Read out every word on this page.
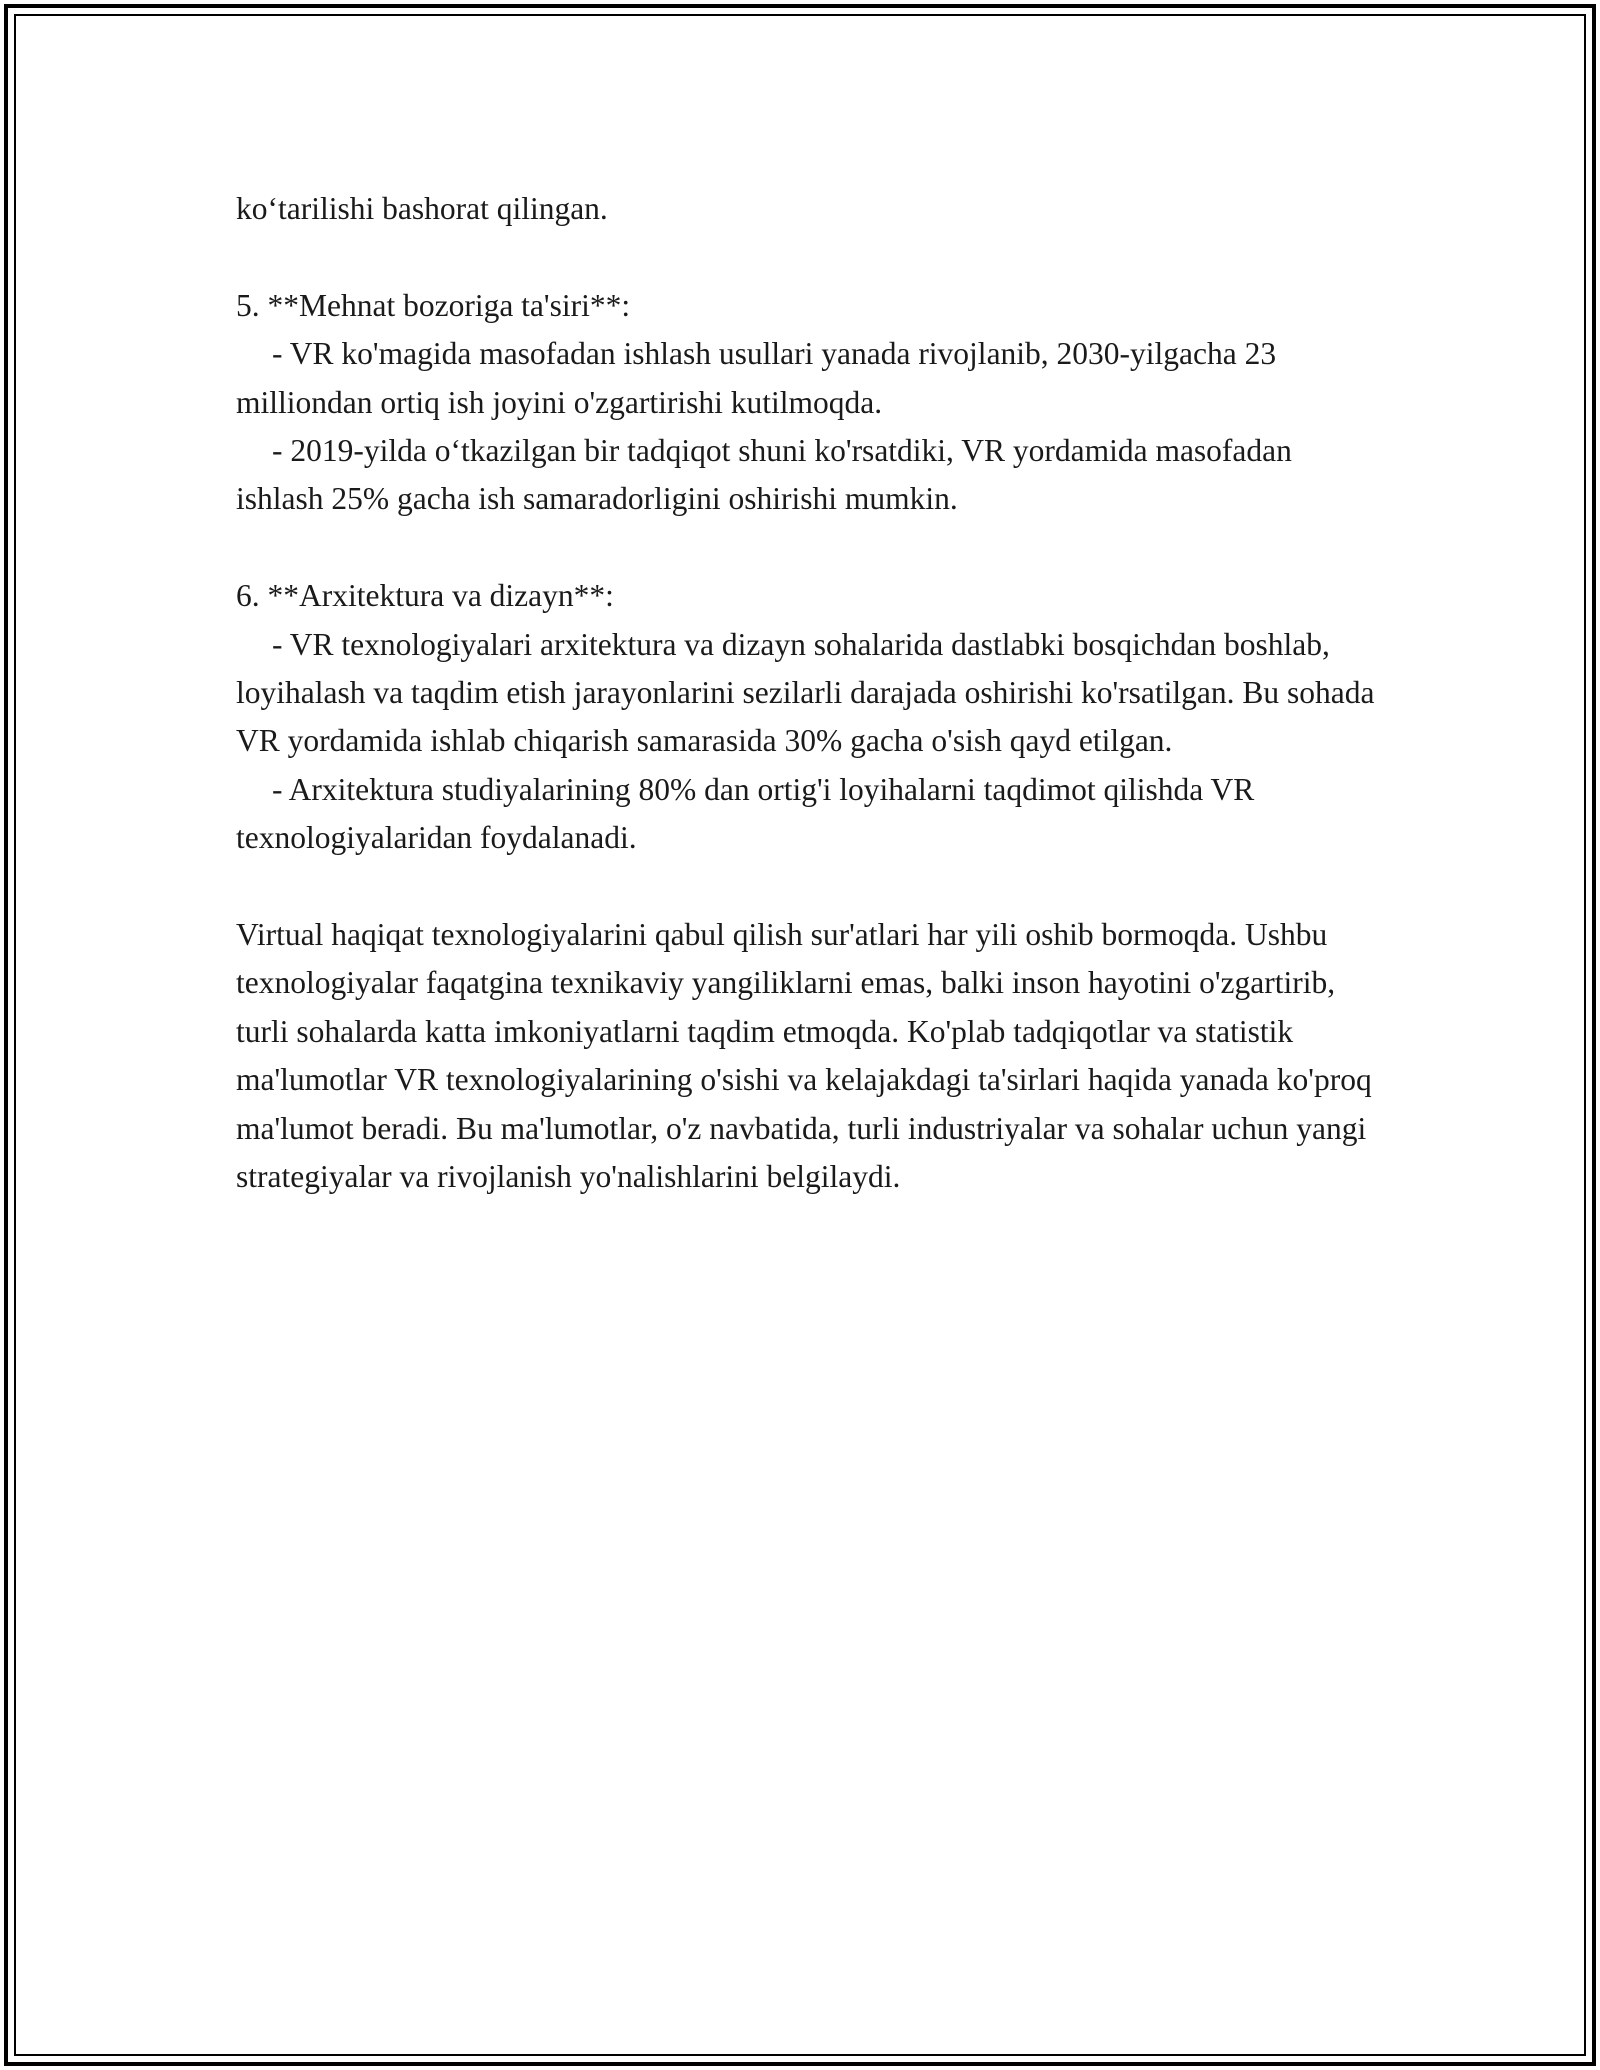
ko‘tarilishi bashorat qilingan.

5. **Mehnat bozoriga ta'siri**:

- VR ko'magida masofadan ishlash usullari yanada rivojlanib, 2030-yilgacha 23 milliondan ortiq ish joyini o'zgartirishi kutilmoqda.

- 2019-yilda o‘tkazilgan bir tadqiqot shuni ko'rsatdiki, VR yordamida masofadan ishlash 25% gacha ish samaradorligini oshirishi mumkin.

6. **Arxitektura va dizayn**:

- VR texnologiyalari arxitektura va dizayn sohalarida dastlabki bosqichdan boshlab, loyihalash va taqdim etish jarayonlarini sezilarli darajada oshirishi ko'rsatilgan. Bu sohada VR yordamida ishlab chiqarish samarasida 30% gacha o'sish qayd etilgan.

- Arxitektura studiyalarining 80% dan ortig'i loyihalarni taqdimot qilishda VR texnologiyalaridan foydalanadi.

Virtual haqiqat texnologiyalarini qabul qilish sur'atlari har yili oshib bormoqda. Ushbu texnologiyalar faqatgina texnikaviy yangiliklarni emas, balki inson hayotini o'zgartirib, turli sohalarda katta imkoniyatlarni taqdim etmoqda. Ko'plab tadqiqotlar va statistik ma'lumotlar VR texnologiyalarining o'sishi va kelajakdagi ta'sirlari haqida yanada ko'proq ma'lumot beradi. Bu ma'lumotlar, o'z navbatida, turli industriyalar va sohalar uchun yangi strategiyalar va rivojlanish yo'nalishlarini belgilaydi.
